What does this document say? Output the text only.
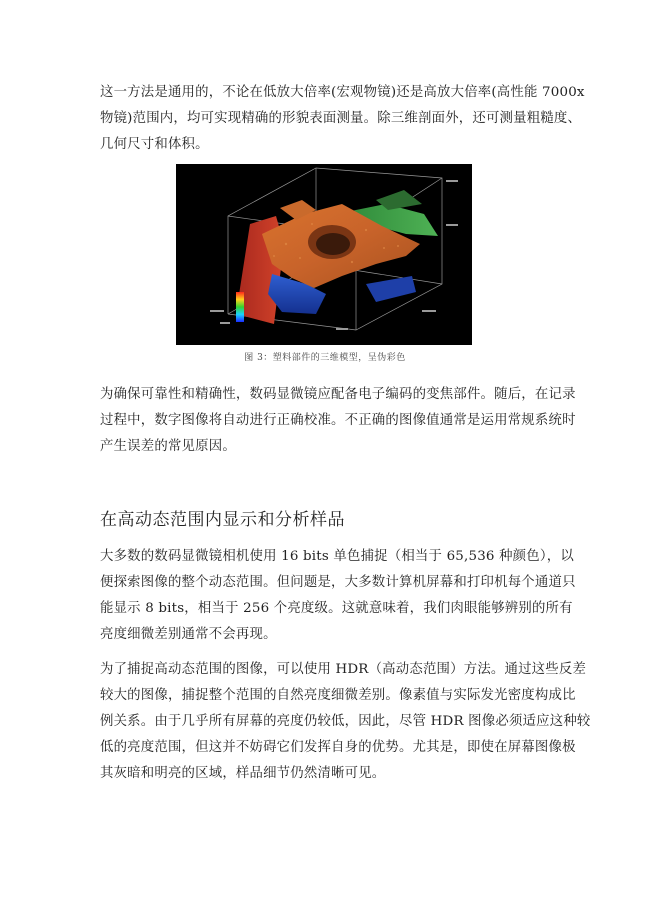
这一方法是通用的，不论在低放大倍率(宏观物镜)还是高放大倍率(高性能 7000x
物镜)范围内，均可实现精确的形貌表面测量。除三维剖面外，还可测量粗糙度、
几何尺寸和体积。

图 3：塑料部件的三维模型，呈伪彩色

为确保可靠性和精确性，数码显微镜应配备电子编码的变焦部件。随后，在记录
过程中，数字图像将自动进行正确校准。不正确的图像值通常是运用常规系统时
产生误差的常见原因。

在高动态范围内显示和分析样品

大多数的数码显微镜相机使用 16 bits 单色捕捉（相当于 65,536 种颜色），以
便探索图像的整个动态范围。但问题是，大多数计算机屏幕和打印机每个通道只
能显示 8 bits，相当于 256 个亮度级。这就意味着，我们肉眼能够辨别的所有
亮度细微差别通常不会再现。

为了捕捉高动态范围的图像，可以使用 HDR（高动态范围）方法。通过这些反差
较大的图像，捕捉整个范围的自然亮度细微差别。像素值与实际发光密度构成比
例关系。由于几乎所有屏幕的亮度仍较低，因此，尽管 HDR 图像必须适应这种较
低的亮度范围，但这并不妨碍它们发挥自身的优势。尤其是，即使在屏幕图像极
其灰暗和明亮的区域，样品细节仍然清晰可见。
